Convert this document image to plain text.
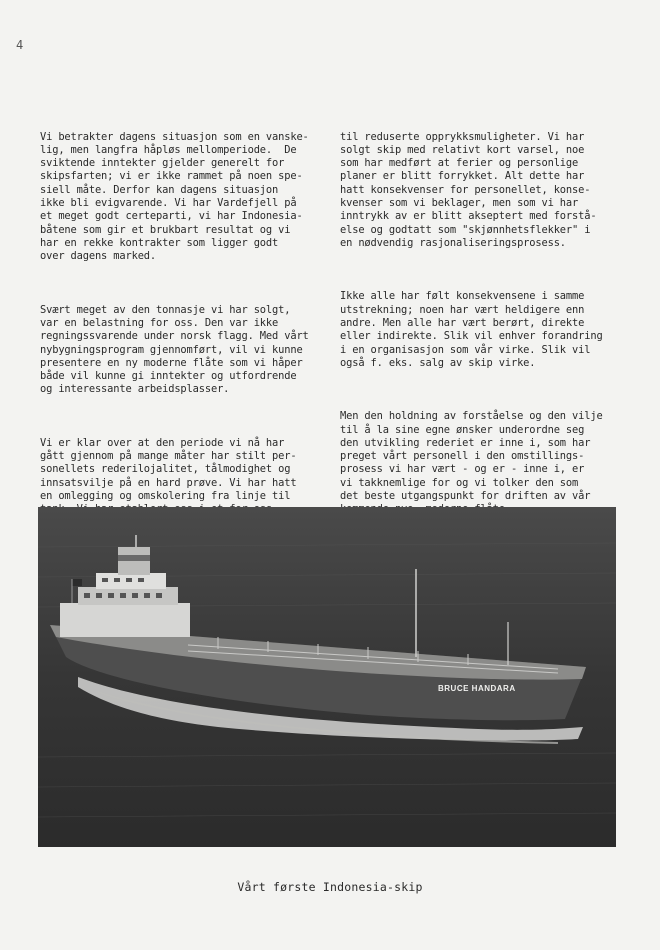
4

Vi betrakter dagens situasjon som en vanske-
lig, men langfra håpløs mellomperiode.  De
sviktende inntekter gjelder generelt for
skipsfarten; vi er ikke rammet på noen spe-
siell måte. Derfor kan dagens situasjon
ikke bli evigvarende. Vi har Vardefjell på
et meget godt certeparti, vi har Indonesia-
båtene som gir et brukbart resultat og vi
har en rekke kontrakter som ligger godt
over dagens marked.

Svært meget av den tonnasje vi har solgt,
var en belastning for oss. Den var ikke
regningssvarende under norsk flagg. Med vårt
nybygningsprogram gjennomført, vil vi kunne
presentere en ny moderne flåte som vi håper
både vil kunne gi inntekter og utfordrende
og interessante arbeidsplasser.

Vi er klar over at den periode vi nå har
gått gjennom på mange måter har stilt per-
sonellets rederilojalitet, tålmodighet og
innsatsvilje på en hard prøve. Vi har hatt
en omlegging og omskolering fra linje til

til reduserte opprykksmuligheter. Vi har
solgt skip med relativt kort varsel, noe
som har medført at ferier og personlige
planer er blitt forrykket. Alt dette har
hatt konsekvenser for personellet, konse-
kvenser som vi beklager, men som vi har
inntrykk av er blitt akseptert med forstå-
else og godtatt som "skjønnhetsflekker" i
en nødvendig rasjonaliseringsprosess.

Ikke alle har følt konsekvensene i samme
utstrekning; noen har vært heldigere enn
andre. Men alle har vært berørt, direkte
eller indirekte. Slik vil enhver forandring
i en organisasjon som vår virke. Slik vil
også f. eks. salg av skip virke.

Men den holdning av forståelse og den vilje
til å la sine egne ønsker underordne seg
den utvikling rederiet er inne i, som har
preget vårt personell i den omstillings-
prosess vi har vært - og er - inne i, er
vi takknemlige for og vi tolker den som
det beste utgangspunkt for driften av vår

BRUCE HANDARA
Vårt første Indonesia-skip
